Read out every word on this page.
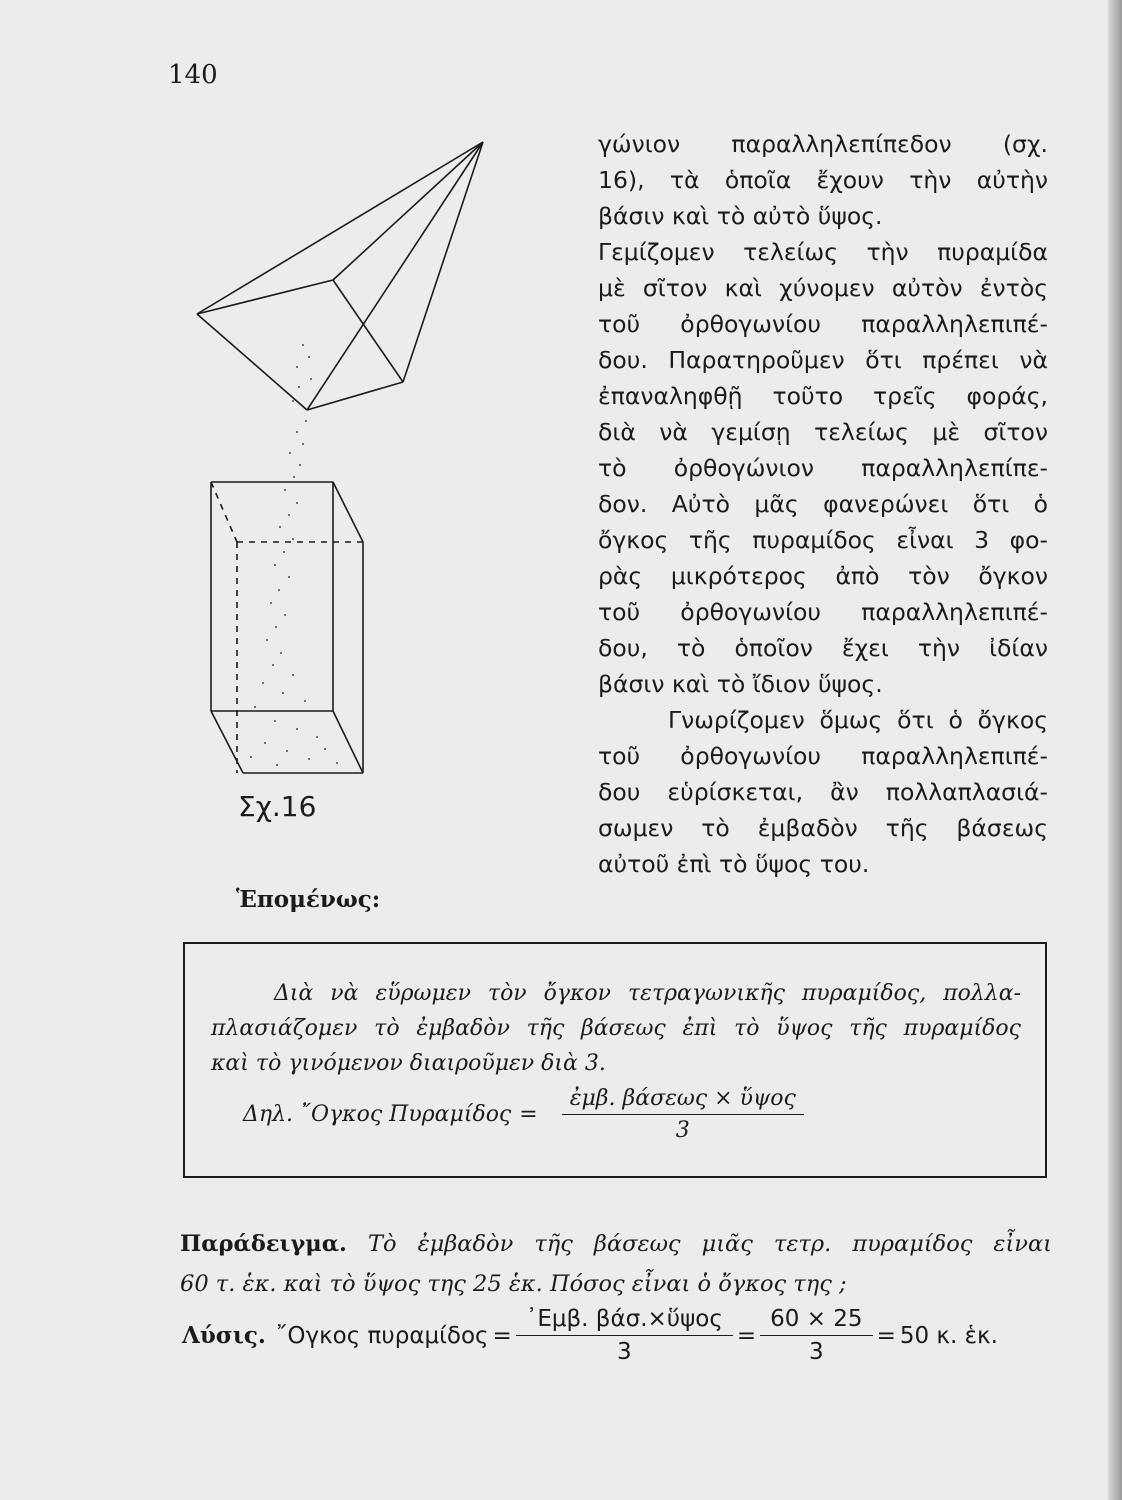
140
Σχ.16
γώνιον παραλληλεπίπεδον (σχ.
16), τὰ ὁποῖα ἔχουν τὴν αὐτὴν
βάσιν καὶ τὸ αὐτὸ ὕψος.
Γεμίζομεν τελείως τὴν πυραμίδα
μὲ σῖτον καὶ χύνομεν αὐτὸν ἐντὸς
τοῦ ὀρθογωνίου παραλληλεπιπέ-
δου. Παρατηροῦμεν ὅτι πρέπει νὰ
ἐπαναληφθῇ τοῦτο τρεῖς φοράς,
διὰ νὰ γεμίσῃ τελείως μὲ σῖτον
τὸ ὀρθογώνιον παραλληλεπίπε-
δον. Αὐτὸ μᾶς φανερώνει ὅτι ὁ
ὄγκος τῆς πυραμίδος εἶναι 3 φο-
ρὰς μικρότερος ἀπὸ τὸν ὄγκον
τοῦ ὀρθογωνίου παραλληλεπιπέ-
δου, τὸ ὁποῖον ἔχει τὴν ἰδίαν
βάσιν καὶ τὸ ἴδιον ὕψος.
Γνωρίζομεν ὅμως ὅτι ὁ ὄγκος
τοῦ ὀρθογωνίου παραλληλεπιπέ-
δου εὑρίσκεται, ἂν πολλαπλασιά-
σωμεν τὸ ἐμβαδὸν τῆς βάσεως
αὐτοῦ ἐπὶ τὸ ὕψος του.
Ἑπομένως:
Διὰ νὰ εὕρωμεν τὸν ὄγκον τετραγωνικῆς πυραμίδος, πολλα-
πλασιάζομεν τὸ ἐμβαδὸν τῆς βάσεως ἐπὶ τὸ ὕψος τῆς πυραμίδος
καὶ τὸ γινόμενον διαιροῦμεν διὰ 3.
Δηλ. ῎Ογκος $\Pi\upsilon\rho\alpha\mu ί\delta o\varsigma = \frac{\text{ἐμβ. βάσεως × ὕψος}}{3}$
Παράδειγμα. Τὸ ἐμβαδὸν τῆς βάσεως μιᾶς τετρ. πυραμίδος εἶναι
60 τ. ἑκ. καὶ τὸ ὕψος της 25 ἑκ. Πόσος εἶναι ὁ ὄγκος της ;
Λύσις. ῎Ογκος $\pi\upsilon\rho\alpha\mu ί\delta o\varsigma = \frac{\text{᾿Εμβ. βάσ.×ὕψος}}{3} = \frac{60 \times 25}{3} = 50$ κ. ἑκ.
